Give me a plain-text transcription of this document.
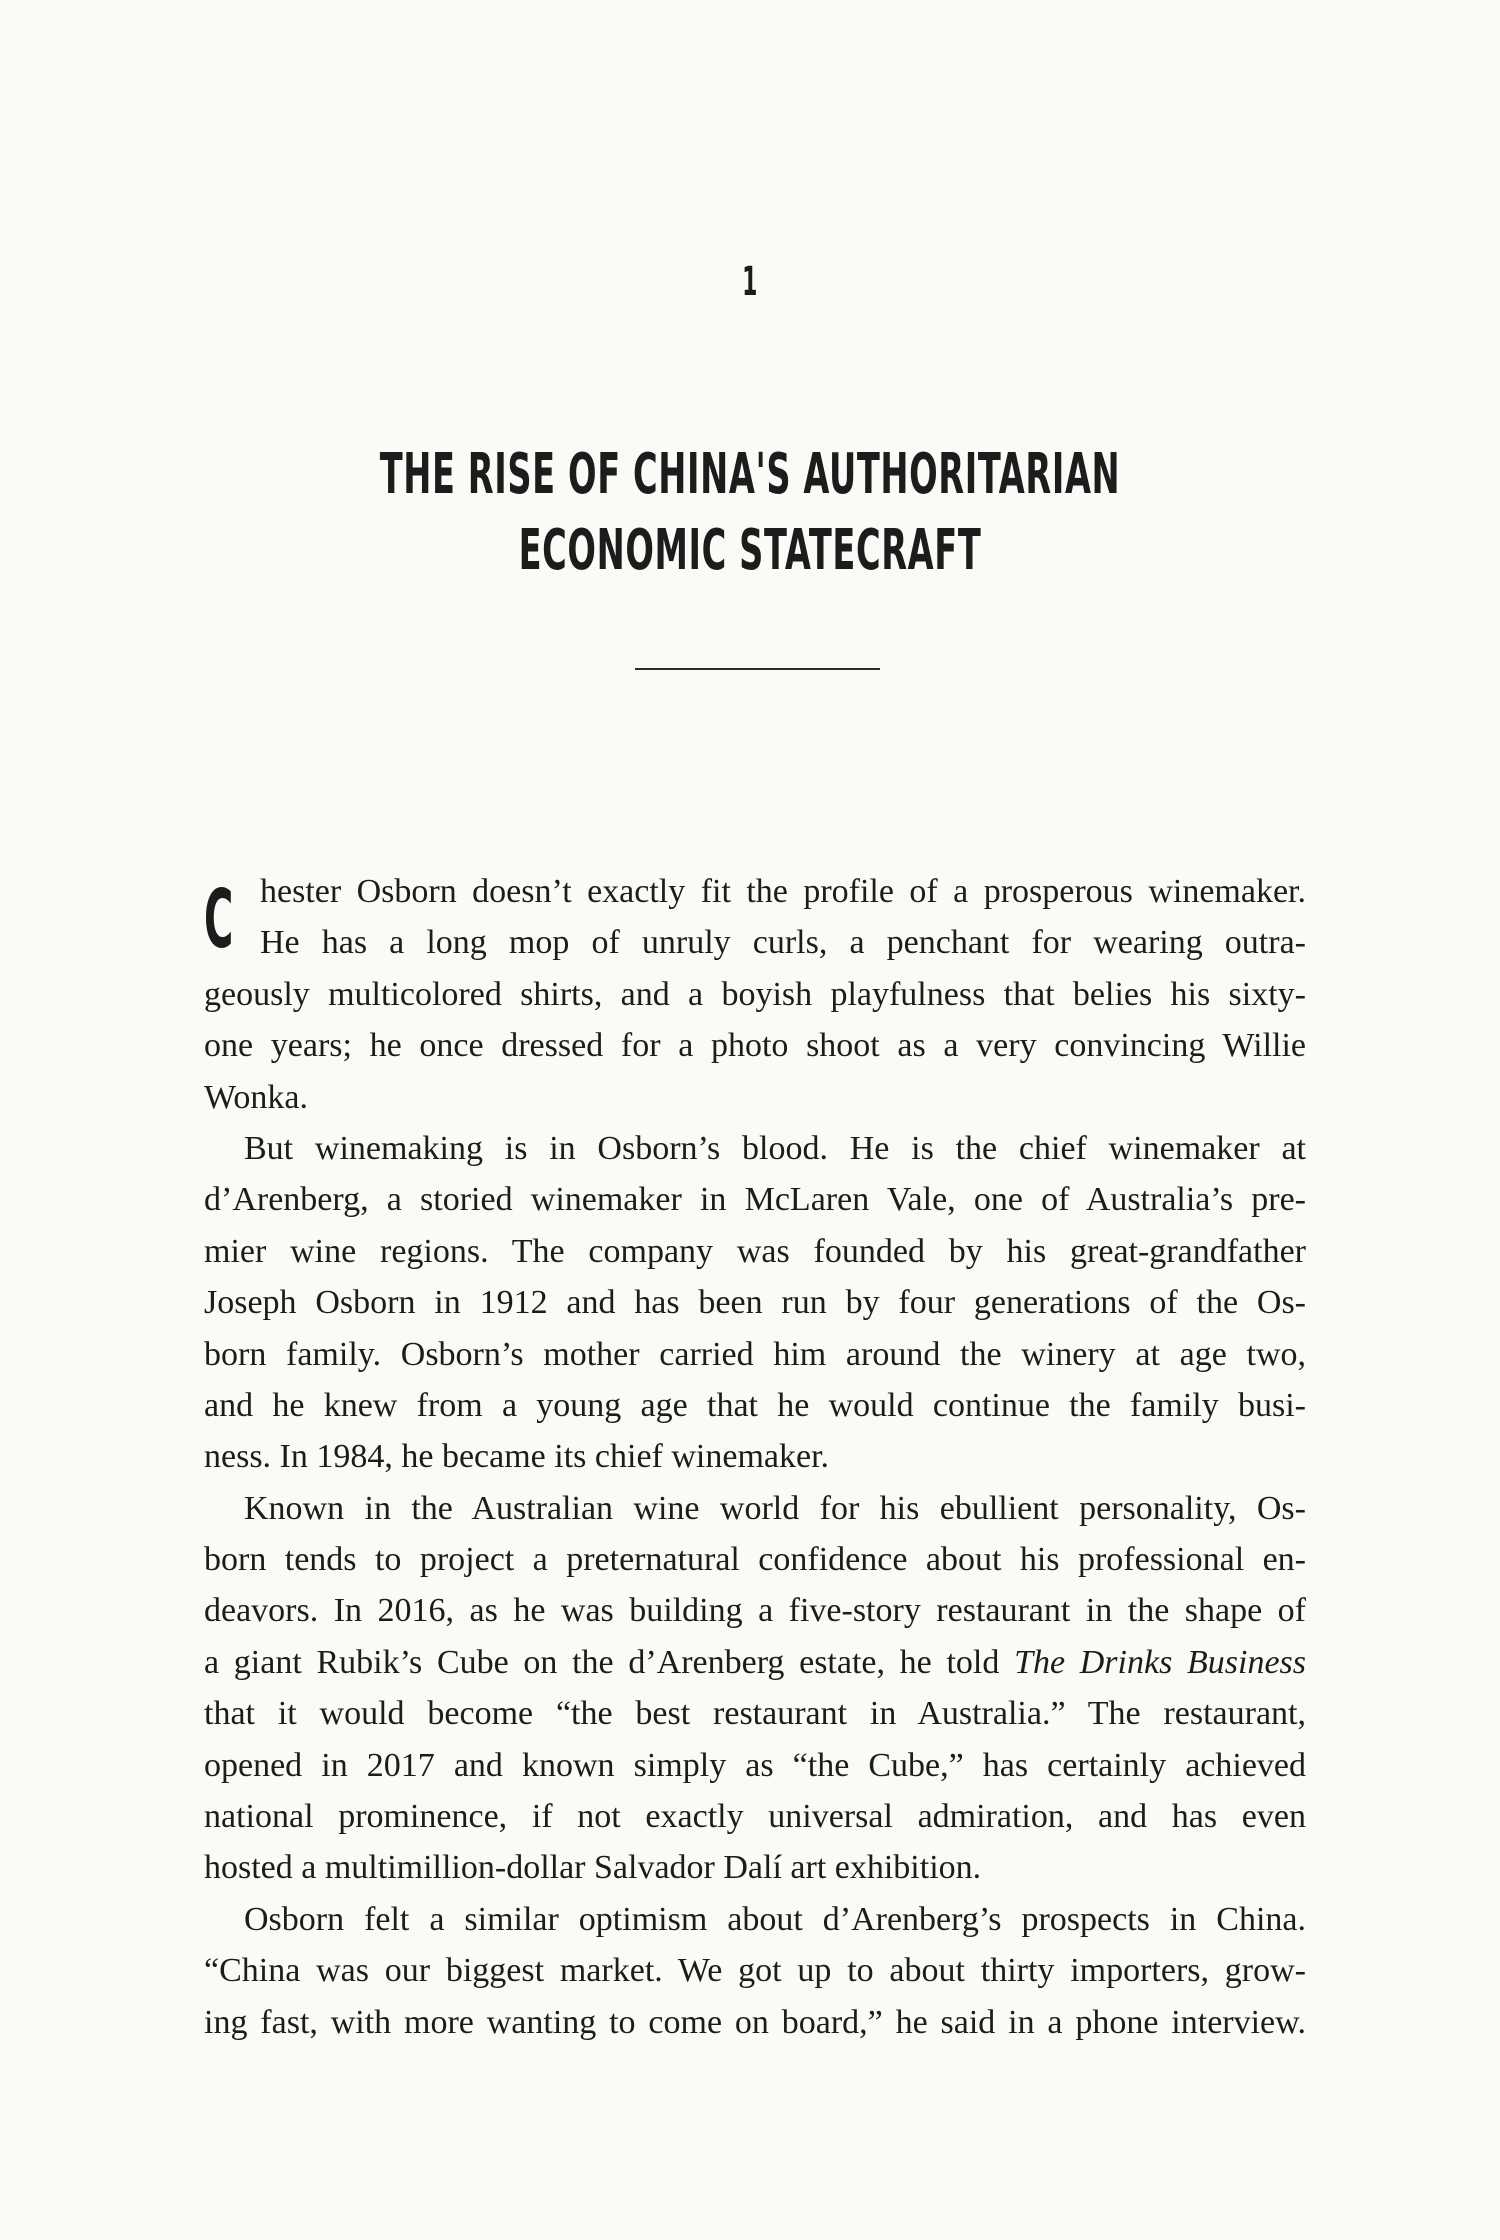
1
THE RISE OF CHINA'S AUTHORITARIAN
ECONOMIC STATECRAFT
C hester Osborn doesn’t exactly fit the profile of a prosperous winemaker.
He has a long mop of unruly curls, a penchant for wearing outra-
geously multicolored shirts, and a boyish playfulness that belies his sixty-
one years; he once dressed for a photo shoot as a very convincing Willie
Wonka.
But winemaking is in Osborn’s blood. He is the chief winemaker at
d’Arenberg, a storied winemaker in McLaren Vale, one of Australia’s pre-
mier wine regions. The company was founded by his great-grandfather
Joseph Osborn in 1912 and has been run by four generations of the Os-
born family. Osborn’s mother carried him around the winery at age two,
and he knew from a young age that he would continue the family busi-
ness. In 1984, he became its chief winemaker.
Known in the Australian wine world for his ebullient personality, Os-
born tends to project a preternatural confidence about his professional en-
deavors. In 2016, as he was building a five-story restaurant in the shape of
a giant Rubik’s Cube on the d’Arenberg estate, he told The Drinks Business
that it would become “the best restaurant in Australia.” The restaurant,
opened in 2017 and known simply as “the Cube,” has certainly achieved
national prominence, if not exactly universal admiration, and has even
hosted a multimillion-dollar Salvador Dalí art exhibition.
Osborn felt a similar optimism about d’Arenberg’s prospects in China.
“China was our biggest market. We got up to about thirty importers, grow-
ing fast, with more wanting to come on board,” he said in a phone interview.
